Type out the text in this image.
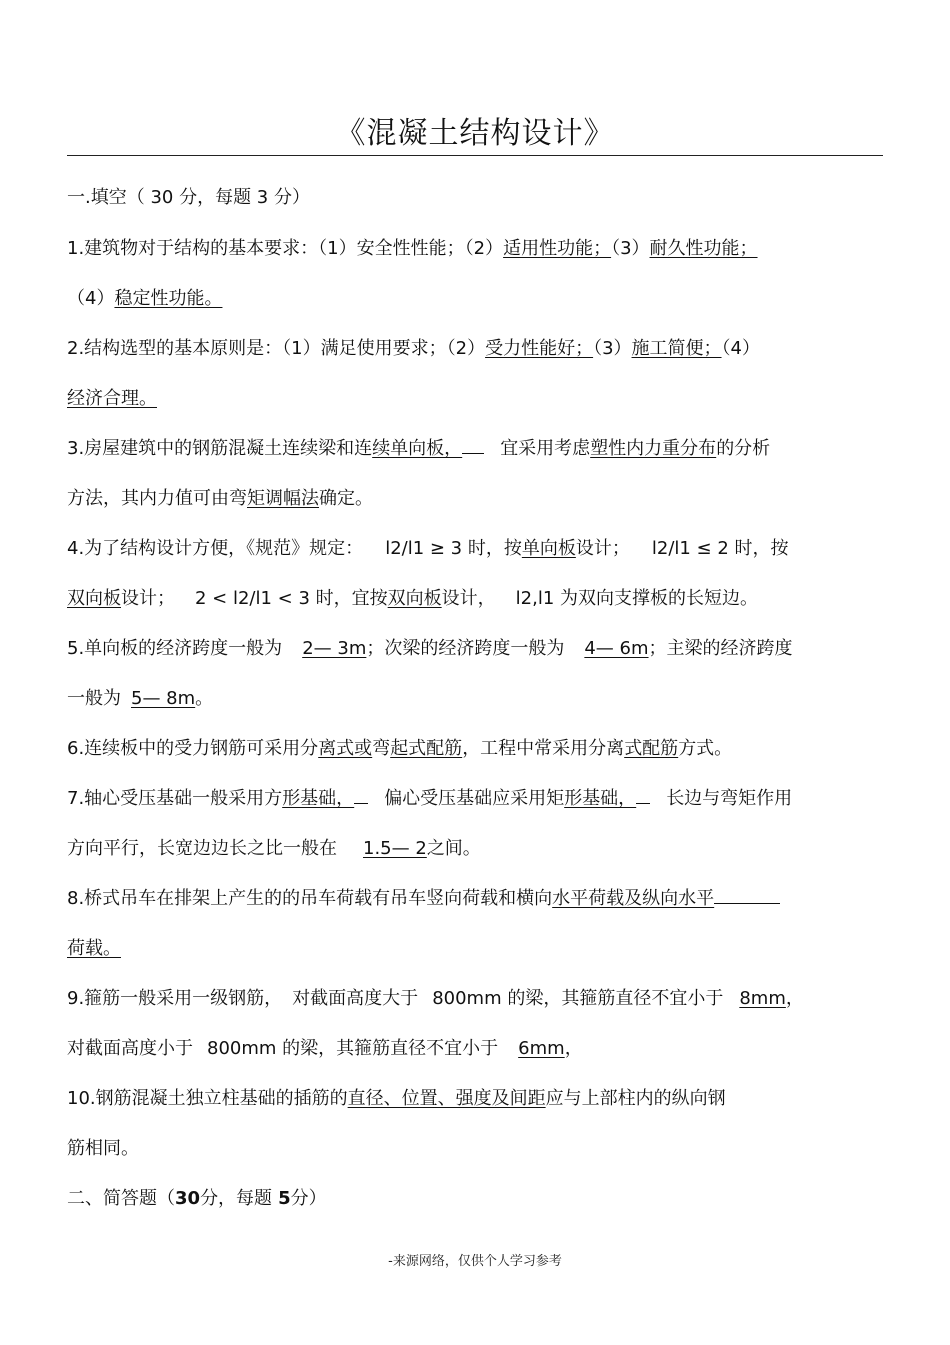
《混凝土结构设计》
一.填空（ 30 分，每题 3 分）
1.建筑物对于结构的基本要求：（1）安全性性能；（2）适用性功能；（3）耐久性功能；
（4）稳定性功能。
2.结构选型的基本原则是：（1）满足使用要求；（2）受力性能好；（3）施工简便；（4）
经济合理。
3.房屋建筑中的钢筋混凝土连续梁和连续单向板， 宜采用考虑塑性内力重分布的分析
方法，其内力值可由弯矩调幅法确定。
4.为了结构设计方便，《规范》规定： l2/l1 ≥ 3 时，按单向板设计； l2/l1 ≤ 2 时，按
双向板设计； 2 < l2/l1 < 3 时，宜按双向板设计， l2,l1 为双向支撑板的长短边。
5.单向板的经济跨度一般为 2— 3m；次梁的经济跨度一般为 4— 6m；主梁的经济跨度
一般为 5— 8m。
6.连续板中的受力钢筋可采用分离式或弯起式配筋，工程中常采用分离式配筋方式。
7.轴心受压基础一般采用方形基础， 偏心受压基础应采用矩形基础， 长边与弯矩作用
方向平行，长宽边边长之比一般在 1.5— 2之间。
8.桥式吊车在排架上产生的的吊车荷载有吊车竖向荷载和横向水平荷载及纵向水平
荷载。
9.箍筋一般采用一级钢筋， 对截面高度大于 800mm 的梁，其箍筋直径不宜小于 8mm，
对截面高度小于 800mm 的梁，其箍筋直径不宜小于 6mm，
10.钢筋混凝土独立柱基础的插筋的直径、位置、强度及间距应与上部柱内的纵向钢
筋相同。
二、简答题（30分，每题 5分）
-来源网络，仅供个人学习参考
